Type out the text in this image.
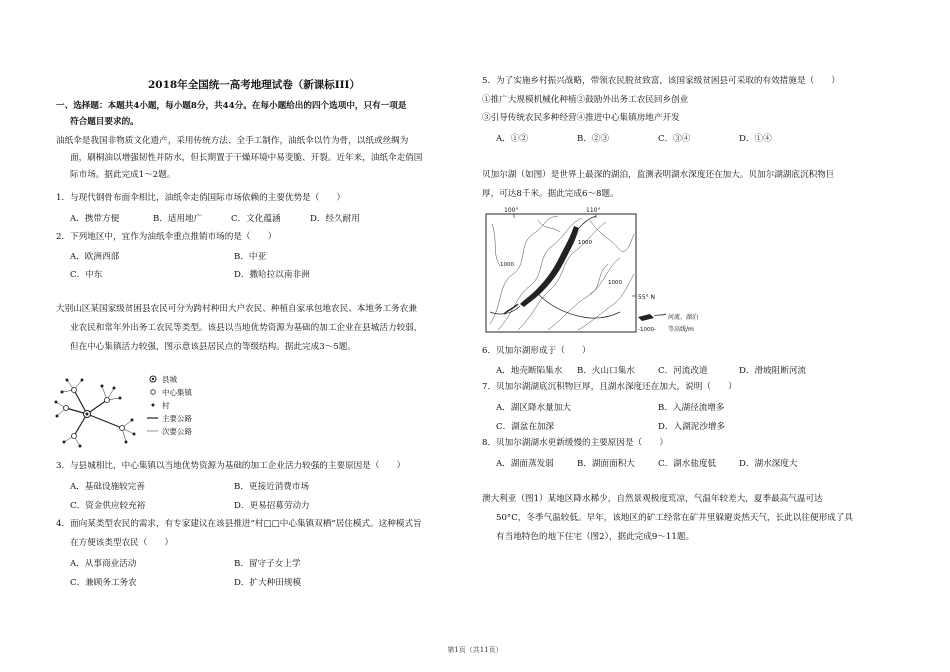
2018年全国统一高考地理试卷（新课标III）
一、选择题：本题共4小题，每小题8分，共44分。在每小题给出的四个选项中，只有一项是
符合题目要求的。
油纸伞是我国非物质文化遗产，采用传统方法、全手工制作，油纸伞以竹为骨，以纸或丝绸为
面，刷桐油以增强韧性并防水，但长期置于干燥环境中易变脆、开裂。近年来，油纸伞走俏国
际市场。据此完成1～2题。
1．与现代钢骨布面伞相比，油纸伞走俏国际市场依赖的主要优势是（　　）
A．携带方便	B．适用地广	C．文化蕴涵	D．经久耐用
2．下列地区中，宜作为油纸伞重点推销市场的是（　　）
A．欧洲西部	B．中亚
C．中东	D．撒哈拉以南非洲
大别山区某国家级贫困县农民可分为跨村种田大户农民、种植自家承包地农民、本地务工务农兼
业农民和常年外出务工农民等类型。该县以当地优势资源为基础的加工企业在县城活力较弱，
但在中心集镇活力较强，图示意该县居民点的等级结构。据此完成3～5题。
县城
中心集镇
村
主要公路
次要公路
3．与县城相比，中心集镇以当地优势资源为基础的加工企业活力较强的主要原因是（　　）
A．基础设施较完善	B．更接近消费市场
C．资金供应较充裕	D．更易招募劳动力
4．面向某类型农民的需求，有专家建议在该县推进“村□□中心集镇双栖”居住模式。这种模式旨
在方便该类型农民（　　）
A．从事商业活动	B．留守子女上学
C．兼顾务工务农	D．扩大种田规模
5．为了实施乡村振兴战略，带领农民脱贫致富，该国家级贫困县可采取的有效措施是（　　）
①推广大规模机械化种植②鼓励外出务工农民回乡创业
③引导传统农民多种经营④推进中心集镇房地产开发
A．①②	B．②③	C．③④	D．①④
贝加尔湖（如图）是世界上最深的湖泊，监测表明湖水深度还在加大。贝加尔湖湖底沉积物巨
厚，可达8千米。据此完成6～8题。
100°	110°
55° N
1000
1000
1000
河流、湖泊
-1000- 等高线/m
6．贝加尔湖形成于（　　）
A．地壳断陷集水 B．火山口集水	C．河流改道	D．滑坡阻断河流
7．贝加尔湖湖底沉积物巨厚，且湖水深度还在加大，说明（　　）
A．湖区降水量加大	B．入湖径流增多
C．湖盆在加深	D．入湖泥沙增多
8．贝加尔湖湖水更新缓慢的主要原因是（　　）
A．湖面蒸发弱	B．湖面面积大	C．湖水盐度低	D．湖水深度大
澳大利亚（图1）某地区降水稀少，自然景观极度荒凉，气温年较差大，夏季最高气温可达
50°C，冬季气温较低。早年，该地区的矿工经常在矿井里躲避炎热天气，长此以往便形成了具
有当地特色的地下住宅（图2），据此完成9～11题。
第1页（共11页）
